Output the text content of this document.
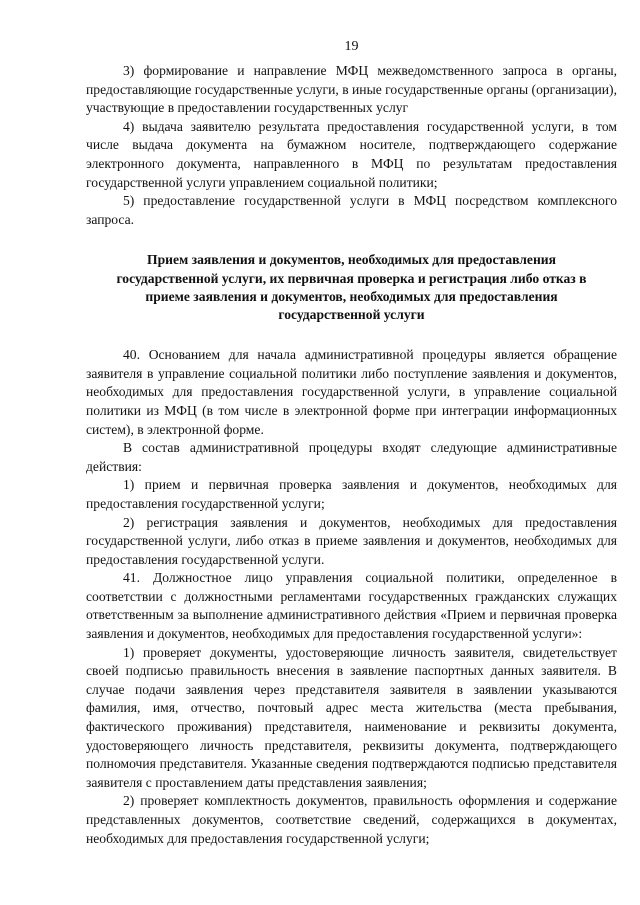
19

3) формирование и направление МФЦ межведомственного запроса в органы, предоставляющие государственные услуги, в иные государственные органы (организации), участвующие в предоставлении государственных услуг

4) выдача заявителю результата предоставления государственной услуги, в том числе выдача документа на бумажном носителе, подтверждающего содержание электронного документа, направленного в МФЦ по результатам предоставления государственной услуги управлением социальной политики;

5) предоставление государственной услуги в МФЦ посредством комплексного запроса.

Прием заявления и документов, необходимых для предоставления государственной услуги, их первичная проверка и регистрация либо отказ в приеме заявления и документов, необходимых для предоставления государственной услуги

40. Основанием для начала административной процедуры является обращение заявителя в управление социальной политики либо поступление заявления и документов, необходимых для предоставления государственной услуги, в управление социальной политики из МФЦ (в том числе в электронной форме при интеграции информационных систем), в электронной форме.

В состав административной процедуры входят следующие административные действия:

1) прием и первичная проверка заявления и документов, необходимых для предоставления государственной услуги;

2) регистрация заявления и документов, необходимых для предоставления государственной услуги, либо отказ в приеме заявления и документов, необходимых для предоставления государственной услуги.

41. Должностное лицо управления социальной политики, определенное в соответствии с должностными регламентами государственных гражданских служащих ответственным за выполнение административного действия «Прием и первичная проверка заявления и документов, необходимых для предоставления государственной услуги»:

1) проверяет документы, удостоверяющие личность заявителя, свидетельствует своей подписью правильность внесения в заявление паспортных данных заявителя. В случае подачи заявления через представителя заявителя в заявлении указываются фамилия, имя, отчество, почтовый адрес места жительства (места пребывания, фактического проживания) представителя, наименование и реквизиты документа, удостоверяющего личность представителя, реквизиты документа, подтверждающего полномочия представителя. Указанные сведения подтверждаются подписью представителя заявителя с проставлением даты представления заявления;

2) проверяет комплектность документов, правильность оформления и содержание представленных документов, соответствие сведений, содержащихся в документах, необходимых для предоставления государственной услуги;
